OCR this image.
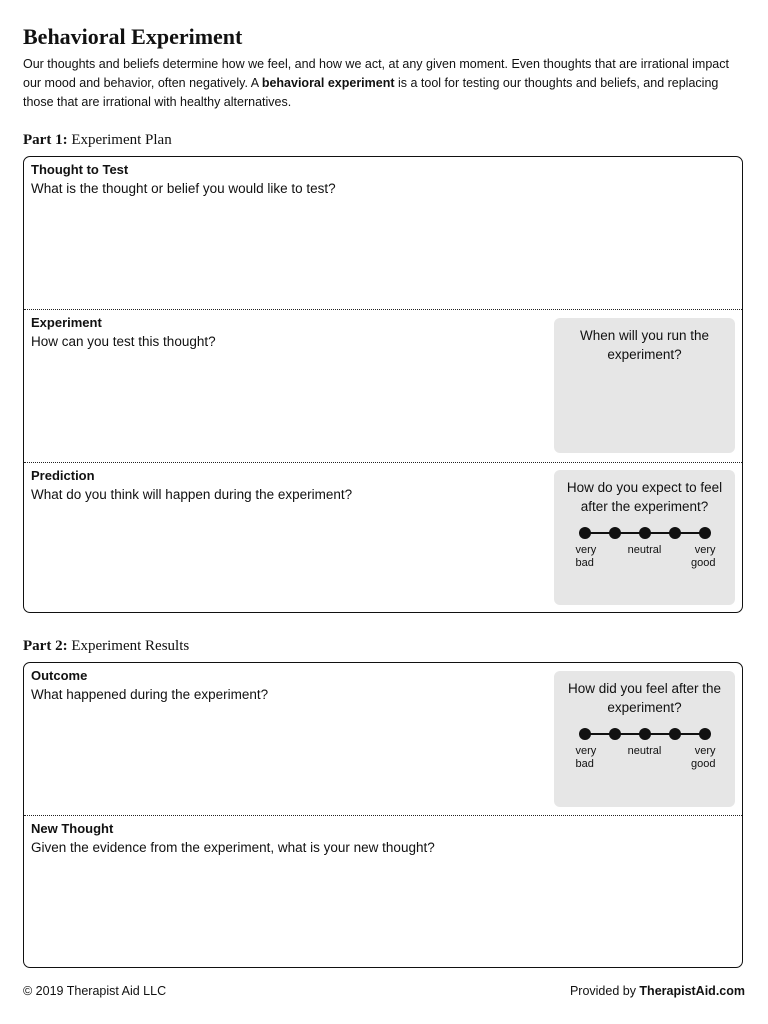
Behavioral Experiment

Our thoughts and beliefs determine how we feel, and how we act, at any given moment. Even thoughts that are irrational impact our mood and behavior, often negatively. A behavioral experiment is a tool for testing our thoughts and beliefs, and replacing those that are irrational with healthy alternatives.

Part 1: Experiment Plan

Thought to Test
What is the thought or belief you would like to test?
Experiment
How can you test this thought?	When will you run the experiment?
Prediction
What do you think will happen during the experiment?	How do you expect to feel after the experiment?
very
bad
neutral	very
good

Part 2: Experiment Results

Outcome
What happened during the experiment?	How did you feel after the experiment?
very
bad
neutral	very
good
New Thought
Given the evidence from the experiment, what is your new thought?

© 2019 Therapist Aid LLC	Provided by TherapistAid.com
